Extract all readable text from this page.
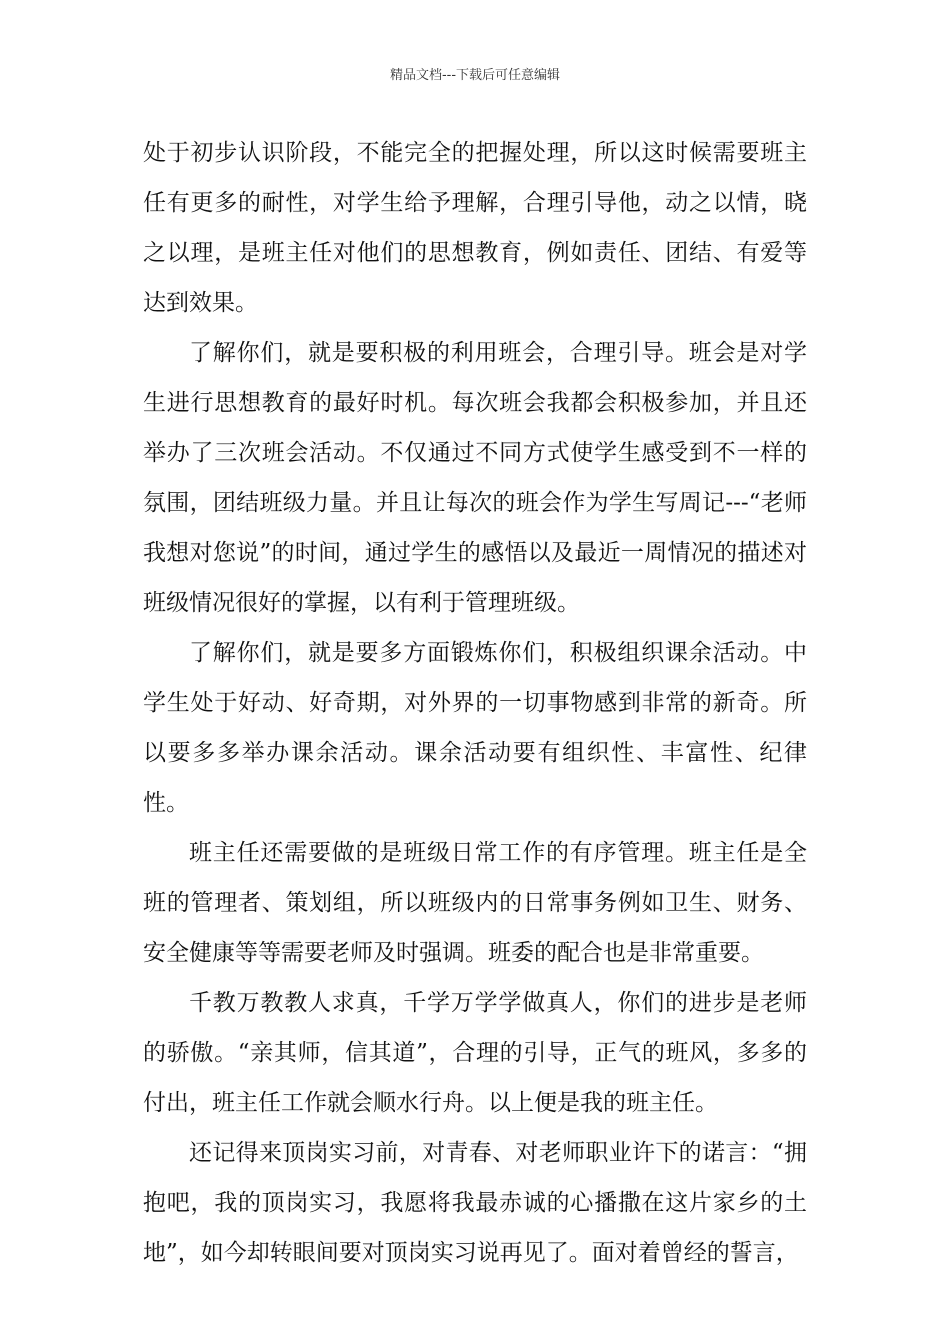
精品文档---下载后可任意编辑

处于初步认识阶段，不能完全的把握处理，所以这时候需要班主任有更多的耐性，对学生给予理解，合理引导他，动之以情，晓之以理，是班主任对他们的思想教育，例如责任、团结、有爱等达到效果。

了解你们，就是要积极的利用班会，合理引导。班会是对学生进行思想教育的最好时机。每次班会我都会积极参加，并且还举办了三次班会活动。不仅通过不同方式使学生感受到不一样的氛围，团结班级力量。并且让每次的班会作为学生写周记---“老师我想对您说”的时间，通过学生的感悟以及最近一周情况的描述对班级情况很好的掌握，以有利于管理班级。

了解你们，就是要多方面锻炼你们，积极组织课余活动。中学生处于好动、好奇期，对外界的一切事物感到非常的新奇。所以要多多举办课余活动。课余活动要有组织性、丰富性、纪律性。

班主任还需要做的是班级日常工作的有序管理。班主任是全班的管理者、策划组，所以班级内的日常事务例如卫生、财务、安全健康等等需要老师及时强调。班委的配合也是非常重要。

千教万教教人求真，千学万学学做真人，你们的进步是老师的骄傲。“亲其师，信其道”，合理的引导，正气的班风，多多的付出，班主任工作就会顺水行舟。以上便是我的班主任。

还记得来顶岗实习前，对青春、对老师职业许下的诺言：“拥抱吧，我的顶岗实习，我愿将我最赤诚的心播撒在这片家乡的土地”，如今却转眼间要对顶岗实习说再见了。面对着曾经的誓言，
